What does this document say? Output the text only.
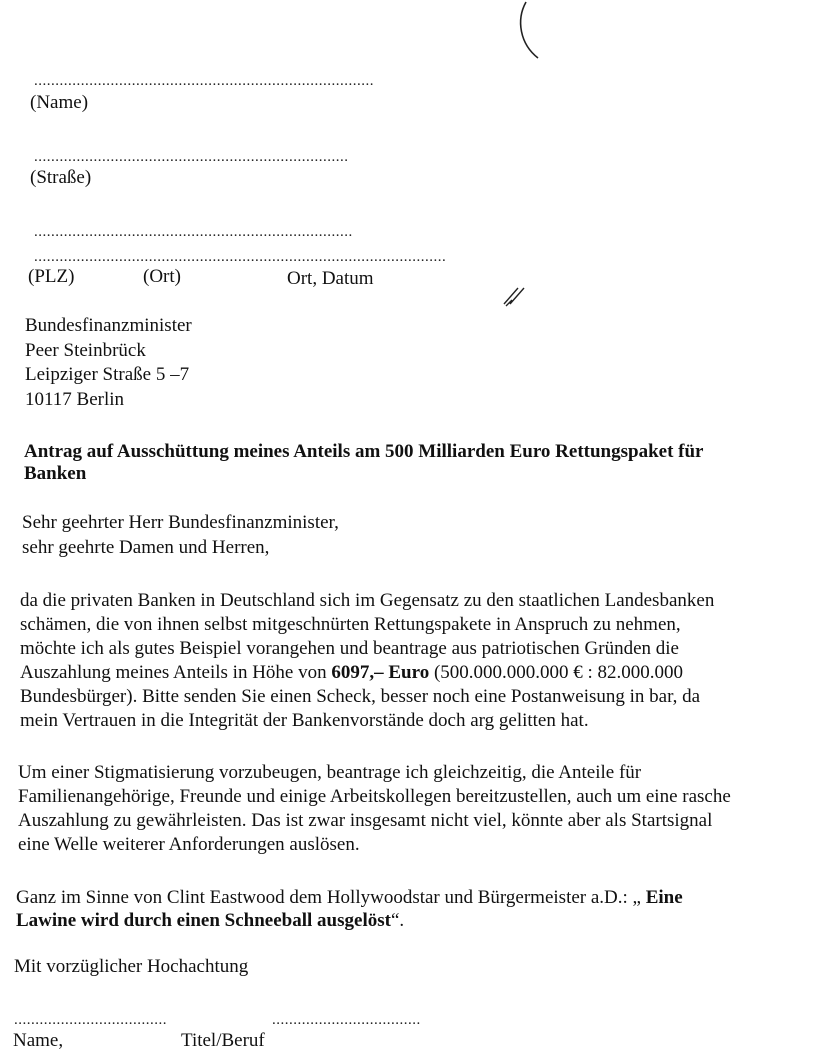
................................................................................
(Name)
..........................................................................
(Straße)
...........................................................................
.................................................................................................
(PLZ)	(Ort)	Ort, Datum
Bundesfinanzminister
Peer Steinbrück
Leipziger Straße 5 –7
10117 Berlin
Antrag auf Ausschüttung meines Anteils am 500 Milliarden Euro Rettungspaket für
Banken
Sehr geehrter Herr Bundesfinanzminister,
sehr geehrte Damen und Herren,
da die privaten Banken in Deutschland sich im Gegensatz zu den staatlichen Landesbanken
schämen, die von ihnen selbst mitgeschnürten Rettungspakete in Anspruch zu nehmen,
möchte ich als gutes Beispiel vorangehen und beantrage aus patriotischen Gründen die
Auszahlung meines Anteils in Höhe von 6097,– Euro (500.000.000.000 € : 82.000.000
Bundesbürger). Bitte senden Sie einen Scheck, besser noch eine Postanweisung in bar, da
mein Vertrauen in die Integrität der Bankenvorstände doch arg gelitten hat.
Um einer Stigmatisierung vorzubeugen, beantrage ich gleichzeitig, die Anteile für
Familienangehörige, Freunde und einige Arbeitskollegen bereitzustellen, auch um eine rasche
Auszahlung zu gewährleisten. Das ist zwar insgesamt nicht viel, könnte aber als Startsignal
eine Welle weiterer Anforderungen auslösen.
Ganz im Sinne von Clint Eastwood dem Hollywoodstar und Bürgermeister a.D.: „ Eine
Lawine wird durch einen Schneeball ausgelöst“.
Mit vorzüglicher Hochachtung
....................................	...................................
Name,	Titel/Beruf
